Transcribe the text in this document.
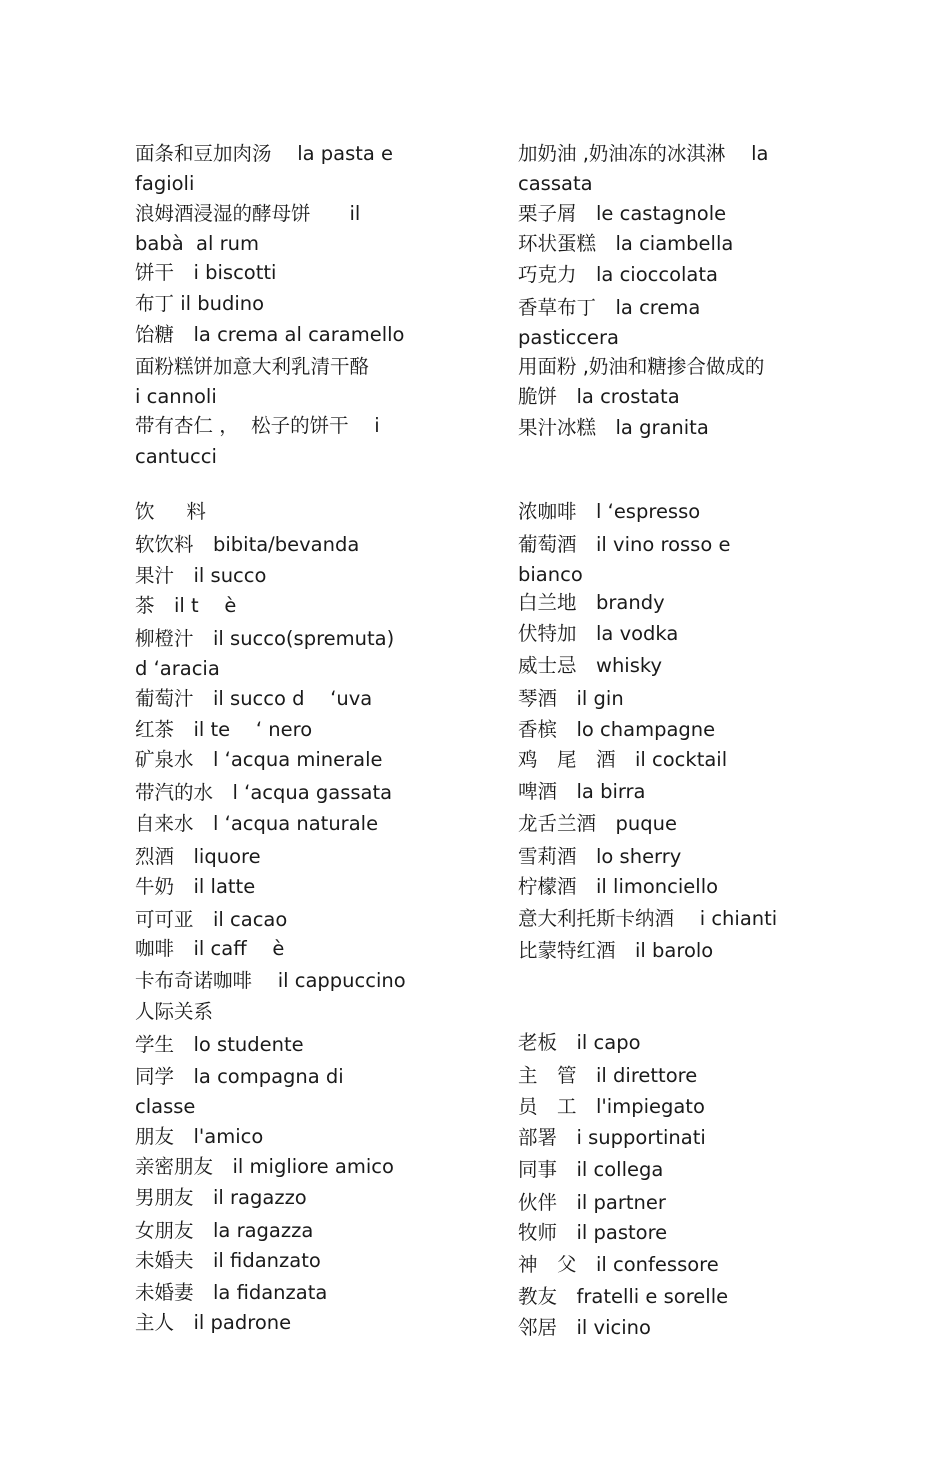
面条和豆加肉汤　 la pasta e
fagioli
浪姆酒浸湿的酵母饼　　il
babà  al rum
饼干　i biscotti
布丁 il budino
饴糖　la crema al caramello
面粉糕饼加意大利乳清干酪
i cannoli
带有杏仁 ，  松子的饼干　 i
cantucci
饮　  料
软饮料　bibita/bevanda
果汁　il succo
茶　il t　 è
柳橙汁　il succo(spremuta)
d ‘aracia
葡萄汁　il succo d　 ‘uva
红茶　il te　 ‘ nero
矿泉水　l ‘acqua minerale
带汽的水　l ‘acqua gassata
自来水　l ‘acqua naturale
烈酒　liquore
牛奶　il latte
可可亚　il cacao
咖啡　il caff　 è
卡布奇诺咖啡　 il cappuccino
人际关系
学生　lo studente
同学　la compagna di
classe
朋友　l'amico
亲密朋友　il migliore amico
男朋友　il ragazzo
女朋友　la ragazza
未婚夫　il fidanzato
未婚妻　la fidanzata
主人　il padrone
加奶油 ,奶油冻的冰淇淋　 la
cassata
栗子屑　le castagnole
环状蛋糕　la ciambella
巧克力　la cioccolata
香草布丁　la crema
pasticcera
用面粉 ,奶油和糖掺合做成的
脆饼　la crostata
果汁冰糕　la granita
浓咖啡　l ‘espresso
葡萄酒　il vino rosso e
bianco
白兰地　brandy
伏特加　la vodka
威士忌　whisky
琴酒　il gin
香槟　lo champagne
鸡　尾　酒　il cocktail
啤酒　la birra
龙舌兰酒　puque
雪莉酒　lo sherry
柠檬酒　il limonciello
意大利托斯卡纳酒　 i chianti
比蒙特红酒　il barolo
老板　il capo
主　管　il direttore
员　工　l'impiegato
部署　i supportinati
同事　il collega
伙伴　il partner
牧师　il pastore
神　父　il confessore
教友　fratelli e sorelle
邻居　il vicino
